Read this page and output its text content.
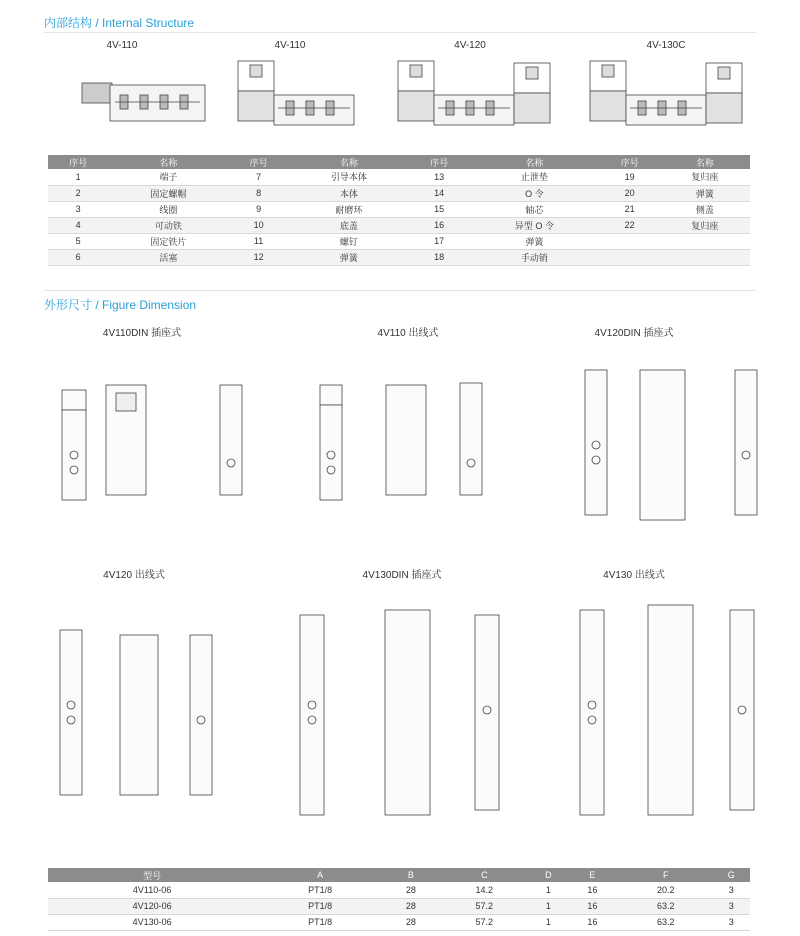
内部结构 / Internal Structure
4V-110	4V-110	4V-120	4V-130C
序号	名称	序号	名称	序号	名称	序号	名称
1	端子	7	引导本体	13	止泄垫	19	复归座
2	固定螺帽	8	本体	14	O 令	20	弹簧
3	线圈	9	耐磨环	15	轴芯	21	侧盖
4	可动铁	10	底盖	16	异型 O 令	22	复归座
5	固定铁片	11	螺钉	17	弹簧		
6	活塞	12	弹簧	18	手动销		
外形尺寸 / Figure Dimension
4V110DIN 插座式	4V110 出线式	4V120DIN 插座式
4V120 出线式	4V130DIN 插座式	4V130 出线式
型号	A	B	C	D	E	F	G
4V110-06	PT1/8	28	14.2	1	16	20.2	3
4V120-06	PT1/8	28	57.2	1	16	63.2	3
4V130-06	PT1/8	28	57.2	1	16	63.2	3
